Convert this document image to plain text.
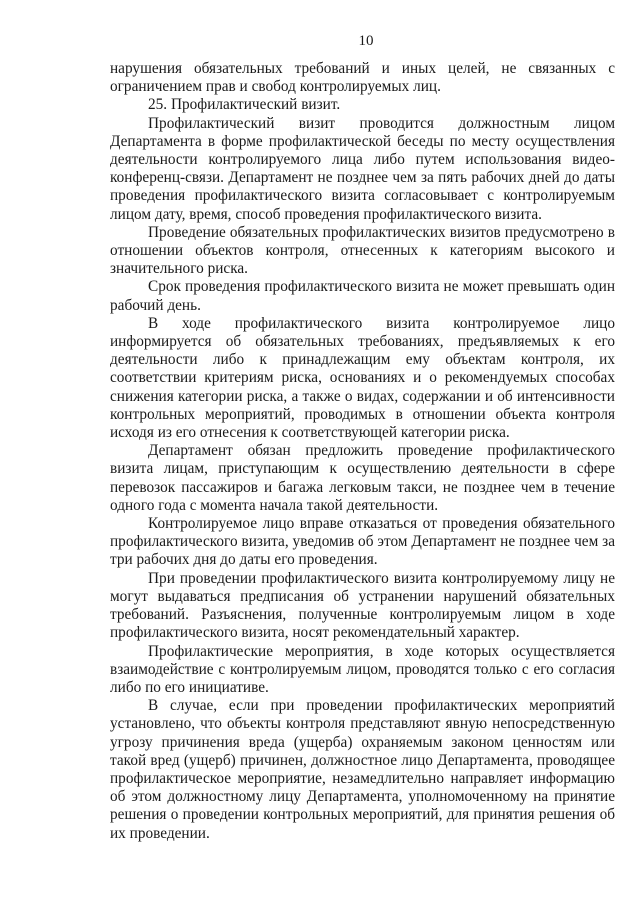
10

нарушения обязательных требований и иных целей, не связанных с ограничением прав и свобод контролируемых лиц.

25. Профилактический визит.

Профилактический визит проводится должностным лицом Департамента в форме профилактической беседы по месту осуществления деятельности контролируемого лица либо путем использования видео-конференц-связи. Департамент не позднее чем за пять рабочих дней до даты проведения профилактического визита согласовывает с контролируемым лицом дату, время, способ проведения профилактического визита.

Проведение обязательных профилактических визитов предусмотрено в отношении объектов контроля, отнесенных к категориям высокого и значительного риска.

Срок проведения профилактического визита не может превышать один рабочий день.

В ходе профилактического визита контролируемое лицо информируется об обязательных требованиях, предъявляемых к его деятельности либо к принадлежащим ему объектам контроля, их соответствии критериям риска, основаниях и о рекомендуемых способах снижения категории риска, а также о видах, содержании и об интенсивности контрольных мероприятий, проводимых в отношении объекта контроля исходя из его отнесения к соответствующей категории риска.

Департамент обязан предложить проведение профилактического визита лицам, приступающим к осуществлению деятельности в сфере перевозок пассажиров и багажа легковым такси, не позднее чем в течение одного года с момента начала такой деятельности.

Контролируемое лицо вправе отказаться от проведения обязательного профилактического визита, уведомив об этом Департамент не позднее чем за три рабочих дня до даты его проведения.

При проведении профилактического визита контролируемому лицу не могут выдаваться предписания об устранении нарушений обязательных требований. Разъяснения, полученные контролируемым лицом в ходе профилактического визита, носят рекомендательный характер.

Профилактические мероприятия, в ходе которых осуществляется взаимодействие с контролируемым лицом, проводятся только с его согласия либо по его инициативе.

В случае, если при проведении профилактических мероприятий установлено, что объекты контроля представляют явную непосредственную угрозу причинения вреда (ущерба) охраняемым законом ценностям или такой вред (ущерб) причинен, должностное лицо Департамента, проводящее профилактическое мероприятие, незамедлительно направляет информацию об этом должностному лицу Департамента, уполномоченному на принятие решения о проведении контрольных мероприятий, для принятия решения об их проведении.
